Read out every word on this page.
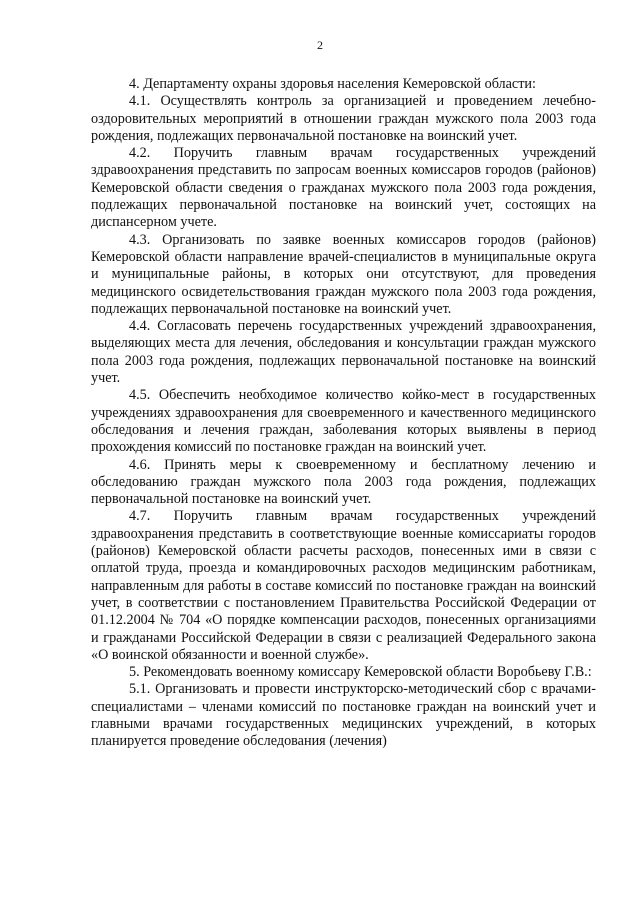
2

4. Департаменту охраны здоровья населения Кемеровской области:

4.1. Осуществлять контроль за организацией и проведением лечебно-оздоровительных мероприятий в отношении граждан мужского пола 2003 года рождения, подлежащих первоначальной постановке на воинский учет.

4.2. Поручить главным врачам государственных учреждений здравоохранения представить по запросам военных комиссаров городов (районов) Кемеровской области сведения о гражданах мужского пола 2003 года рождения, подлежащих первоначальной постановке на воинский учет, состоящих на диспансерном учете.

4.3. Организовать по заявке военных комиссаров городов (районов) Кемеровской области направление врачей-специалистов в муниципальные округа и муниципальные районы, в которых они отсутствуют, для проведения медицинского освидетельствования граждан мужского пола 2003 года рождения, подлежащих первоначальной постановке на воинский учет.

4.4. Согласовать перечень государственных учреждений здравоохранения, выделяющих места для лечения, обследования и консультации граждан мужского пола 2003 года рождения, подлежащих первоначальной постановке на воинский учет.

4.5. Обеспечить необходимое количество койко-мест в государственных учреждениях здравоохранения для своевременного и качественного медицинского обследования и лечения граждан, заболевания которых выявлены в период прохождения комиссий по постановке граждан на воинский учет.

4.6. Принять меры к своевременному и бесплатному лечению и обследованию граждан мужского пола 2003 года рождения, подлежащих первоначальной постановке на воинский учет.

4.7. Поручить главным врачам государственных учреждений здравоохранения представить в соответствующие военные комиссариаты городов (районов) Кемеровской области расчеты расходов, понесенных ими в связи с оплатой труда, проезда и командировочных расходов медицинским работникам, направленным для работы в составе комиссий по постановке граждан на воинский учет, в соответствии с постановлением Правительства Российской Федерации от 01.12.2004 № 704 «О порядке компенсации расходов, понесенных организациями и гражданами Российской Федерации в связи с реализацией Федерального закона «О воинской обязанности и военной службе».

5. Рекомендовать военному комиссару Кемеровской области Воробьеву Г.В.:

5.1. Организовать и провести инструкторско-методический сбор с врачами-специалистами – членами комиссий по постановке граждан на воинский учет и главными врачами государственных медицинских учреждений, в которых планируется проведение обследования (лечения)
